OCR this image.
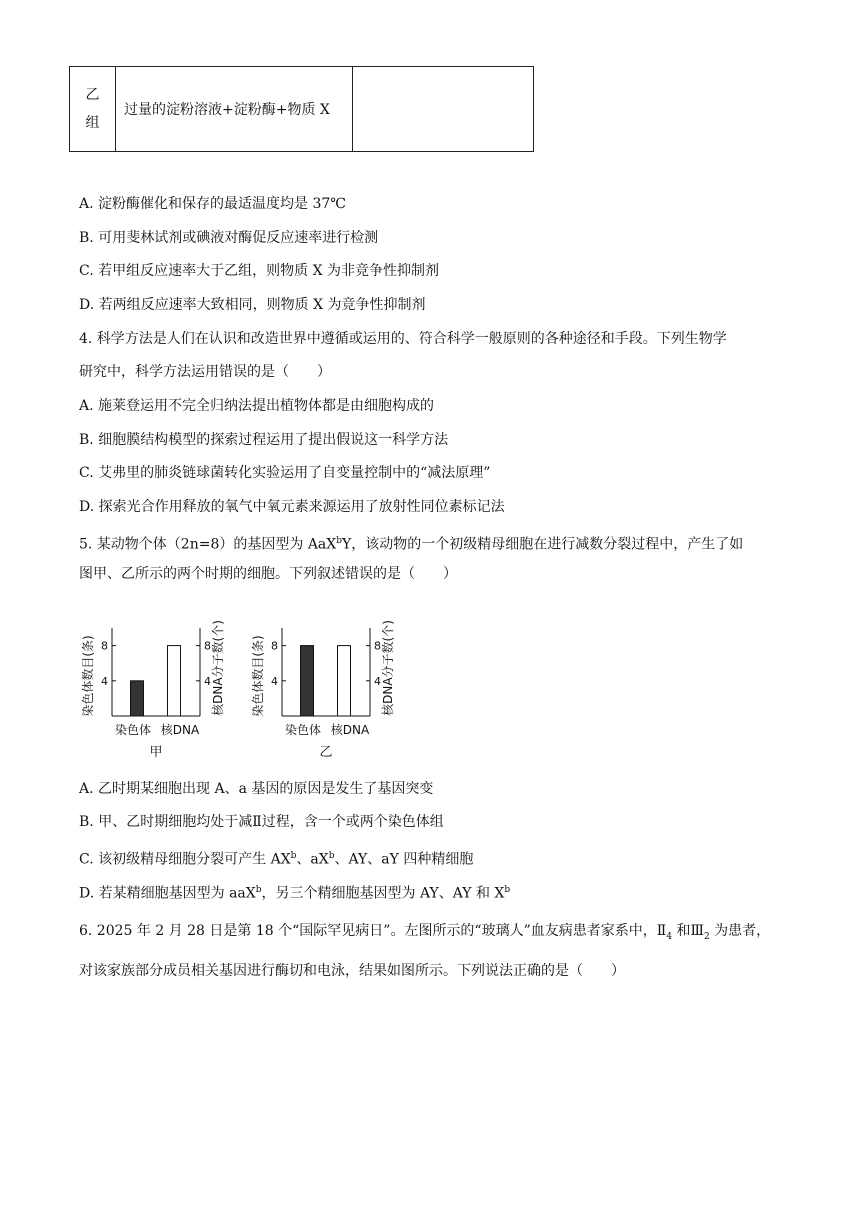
乙
组
	过量的淀粉溶液+淀粉酶+物质 X	
A. 淀粉酶催化和保存的最适温度均是 37℃
B. 可用斐林试剂或碘液对酶促反应速率进行检测
C. 若甲组反应速率大于乙组，则物质 X 为非竞争性抑制剂
D. 若两组反应速率大致相同，则物质 X 为竞争性抑制剂
4. 科学方法是人们在认识和改造世界中遵循或运用的、符合科学一般原则的各种途径和手段。下列生物学
研究中，科学方法运用错误的是（　　）
A. 施莱登运用不完全归纳法提出植物体都是由细胞构成的
B. 细胞膜结构模型的探索过程运用了提出假说这一科学方法
C. 艾弗里的肺炎链球菌转化实验运用了自变量控制中的“减法原理”
D. 探索光合作用释放的氧气中氧元素来源运用了放射性同位素标记法
5. 某动物个体（2n=8）的基因型为 AaX$^b$Y，该动物的一个初级精母细胞在进行减数分裂过程中，产生了如
图甲、乙所示的两个时期的细胞。下列叙述错误的是（　　）
4
8
4
8
染色体数目(条)	核DNA分子数(个)
染色体 核DNA
甲
4
8
4
8
染色体数目(条)	核DNA分子数(个)
染色体 核DNA
乙
A. 乙时期某细胞出现 A、a 基因的原因是发生了基因突变
B. 甲、乙时期细胞均处于减Ⅱ过程，含一个或两个染色体组
C. 该初级精母细胞分裂可产生 $AX^b$、$aX^b$、AY、aY 四种精细胞
D. 若某精细胞基因型为 aaX$^b$，另三个精细胞基因型为 AY、AY 和 $X^b$
6. 2025 年 2 月 28 日是第 18 个“国际罕见病日”。左图所示的“玻璃人”血友病患者家系中，$Ⅱ_4$ 和$Ⅲ_2$ 为患者，
对该家族部分成员相关基因进行酶切和电泳，结果如图所示。下列说法正确的是（　　）
